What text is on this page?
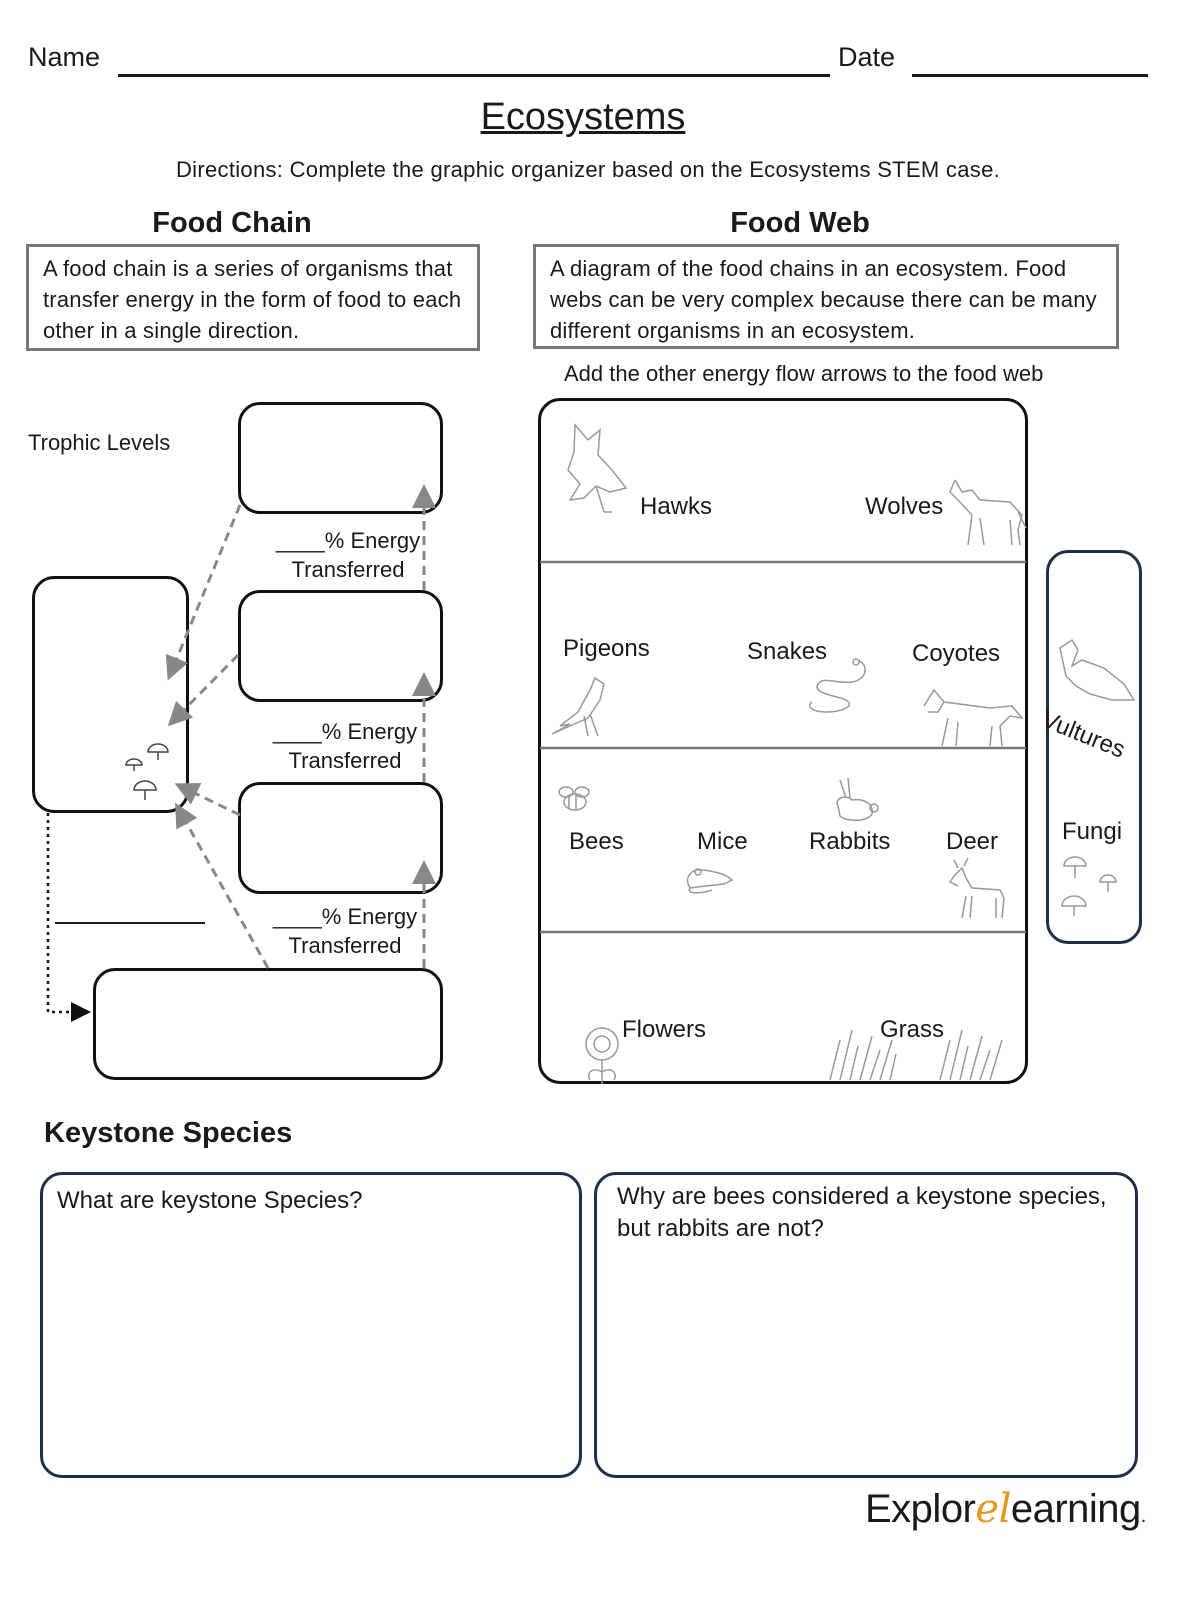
Name	Date
Ecosystems
Directions: Complete the graphic organizer based on the Ecosystems STEM case.
Food Chain
A food chain is a series of organisms that transfer energy in the form of food to each other in a single direction.
Trophic Levels
____% Energy
Transferred
____% Energy
Transferred
____% Energy
Transferred
Food Web
A diagram of the food chains in an ecosystem. Food webs can be very complex because there can be many different organisms in an ecosystem.
Add the other energy flow arrows to the food web
Hawks	Wolves
Pigeons	Snakes	Coyotes
Bees	Mice	Rabbits Deer
Flowers	Grass
Vultures
Fungi
Keystone Species
What are keystone Species?	Why are bees considered a keystone species, but rabbits are not?
Explorelearning.
